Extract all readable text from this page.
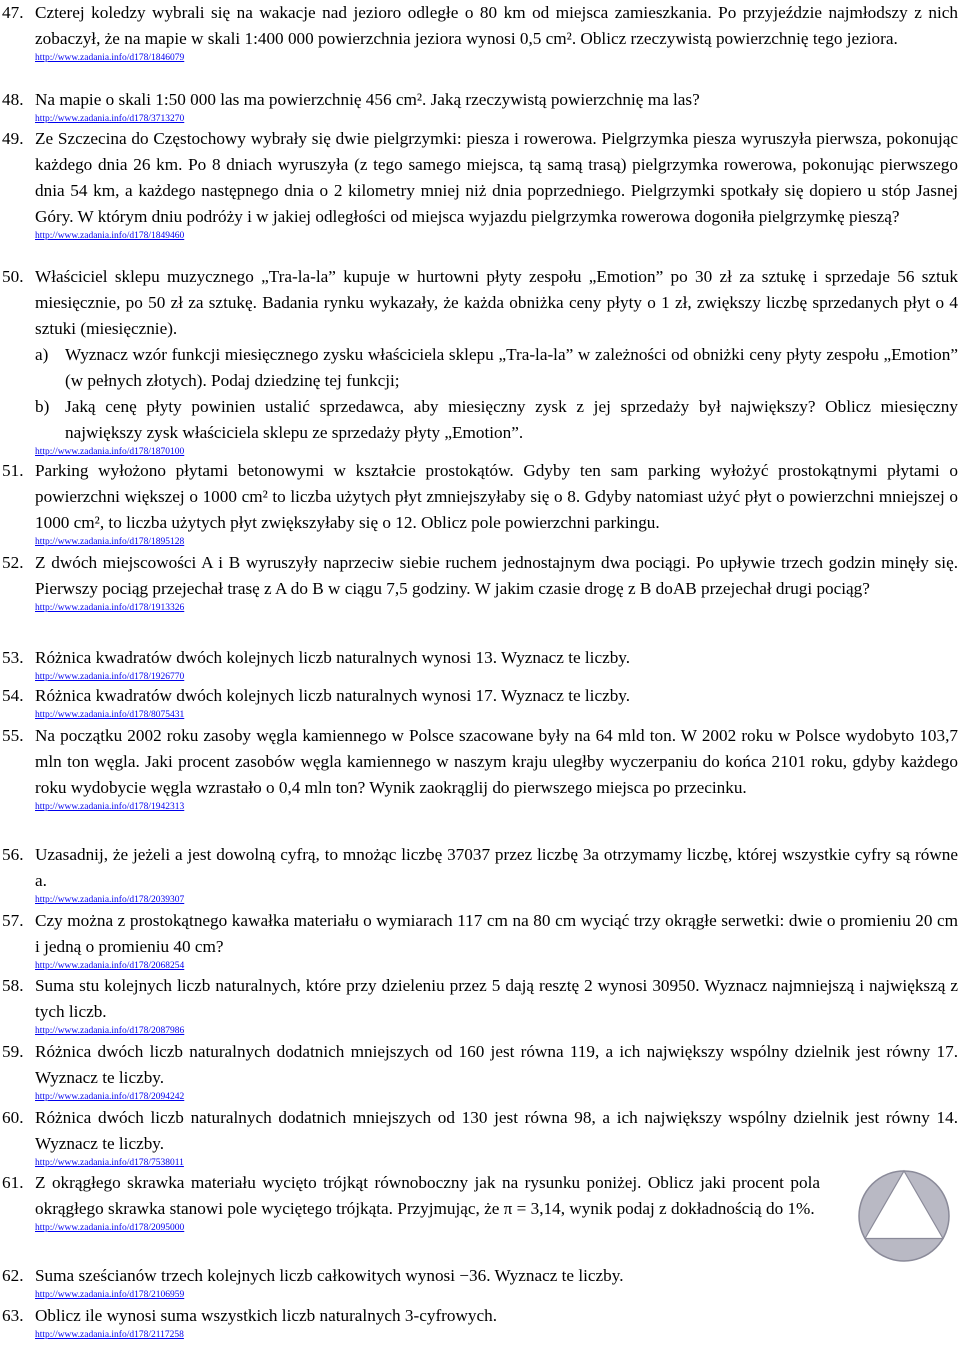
47. Czterej koledzy wybrali się na wakacje nad jezioro odległe o 80 km od miejsca zamieszkania. Po przyjeździe najmłodszy z nich zobaczył, że na mapie w skali 1:400 000 powierzchnia jeziora wynosi 0,5 cm². Oblicz rzeczywistą powierzchnię tego jeziora.

http://www.zadania.info/d178/1846079
48. Na mapie o skali 1:50 000 las ma powierzchnię 456 cm². Jaką rzeczywistą powierzchnię ma las?

http://www.zadania.info/d178/3713270
49. Ze Szczecina do Częstochowy wybrały się dwie pielgrzymki: piesza i rowerowa. Pielgrzymka piesza wyruszyła pierwsza, pokonując każdego dnia 26 km. Po 8 dniach wyruszyła (z tego samego miejsca, tą samą trasą) pielgrzymka rowerowa, pokonując pierwszego dnia 54 km, a każdego następnego dnia o 2 kilometry mniej niż dnia poprzedniego. Pielgrzymki spotkały się dopiero u stóp Jasnej Góry. W którym dniu podróży i w jakiej odległości od miejsca wyjazdu pielgrzymka rowerowa dogoniła pielgrzymkę pieszą?

http://www.zadania.info/d178/1849460
50. Właściciel sklepu muzycznego „Tra-la-la” kupuje w hurtowni płyty zespołu „Emotion” po 30 zł za sztukę i sprzedaje 56 sztuk miesięcznie, po 50 zł za sztukę. Badania rynku wykazały, że każda obniżka ceny płyty o 1 zł, zwiększy liczbę sprzedanych płyt o 4 sztuki (miesięcznie).

a) Wyznacz wzór funkcji miesięcznego zysku właściciela sklepu „Tra-la-la” w zależności od obniżki ceny płyty zespołu „Emotion” (w pełnych złotych). Podaj dziedzinę tej funkcji;
b) Jaką cenę płyty powinien ustalić sprzedawca, aby miesięczny zysk z jej sprzedaży był największy? Oblicz miesięczny największy zysk właściciela sklepu ze sprzedaży płyty „Emotion”.
http://www.zadania.info/d178/1870100
51. Parking wyłożono płytami betonowymi w kształcie prostokątów. Gdyby ten sam parking wyłożyć prostokątnymi płytami o powierzchni większej o 1000 cm² to liczba użytych płyt zmniejszyłaby się o 8. Gdyby natomiast użyć płyt o powierzchni mniejszej o 1000 cm², to liczba użytych płyt zwiększyłaby się o 12. Oblicz pole powierzchni parkingu.

http://www.zadania.info/d178/1895128
52. Z dwóch miejscowości A i B wyruszyły naprzeciw siebie ruchem jednostajnym dwa pociągi. Po upływie trzech godzin minęły się. Pierwszy pociąg przejechał trasę z A do B w ciągu 7,5 godziny. W jakim czasie drogę z B doAB przejechał drugi pociąg?

http://www.zadania.info/d178/1913326
53. Różnica kwadratów dwóch kolejnych liczb naturalnych wynosi 13. Wyznacz te liczby.

http://www.zadania.info/d178/1926770
54. Różnica kwadratów dwóch kolejnych liczb naturalnych wynosi 17. Wyznacz te liczby.

http://www.zadania.info/d178/8075431
55. Na początku 2002 roku zasoby węgla kamiennego w Polsce szacowane były na 64 mld ton. W 2002 roku w Polsce wydobyto 103,7 mln ton węgla. Jaki procent zasobów węgla kamiennego w naszym kraju uległby wyczerpaniu do końca 2101 roku, gdyby każdego roku wydobycie węgla wzrastało o 0,4 mln ton? Wynik zaokrąglij do pierwszego miejsca po przecinku.

http://www.zadania.info/d178/1942313
56. Uzasadnij, że jeżeli a jest dowolną cyfrą, to mnożąc liczbę 37037 przez liczbę 3a otrzymamy liczbę, której wszystkie cyfry są równe a.

http://www.zadania.info/d178/2039307
57. Czy można z prostokątnego kawałka materiału o wymiarach 117 cm na 80 cm wyciąć trzy okrągłe serwetki: dwie o promieniu 20 cm i jedną o promieniu 40 cm?

http://www.zadania.info/d178/2068254
58. Suma stu kolejnych liczb naturalnych, które przy dzieleniu przez 5 dają resztę 2 wynosi 30950. Wyznacz najmniejszą i największą z tych liczb.

http://www.zadania.info/d178/2087986
59. Różnica dwóch liczb naturalnych dodatnich mniejszych od 160 jest równa 119, a ich największy wspólny dzielnik jest równy 17. Wyznacz te liczby.

http://www.zadania.info/d178/2094242
60. Różnica dwóch liczb naturalnych dodatnich mniejszych od 130 jest równa 98, a ich największy wspólny dzielnik jest równy 14. Wyznacz te liczby.

http://www.zadania.info/d178/7538011
61. Z okrągłego skrawka materiału wycięto trójkąt równoboczny jak na rysunku poniżej. Oblicz jaki procent pola okrągłego skrawka stanowi pole wyciętego trójkąta. Przyjmując, że π = 3,14, wynik podaj z dokładnością do 1%.

http://www.zadania.info/d178/2095000
62. Suma sześcianów trzech kolejnych liczb całkowitych wynosi −36. Wyznacz te liczby.

http://www.zadania.info/d178/2106959
63. Oblicz ile wynosi suma wszystkich liczb naturalnych 3-cyfrowych.

http://www.zadania.info/d178/2117258
